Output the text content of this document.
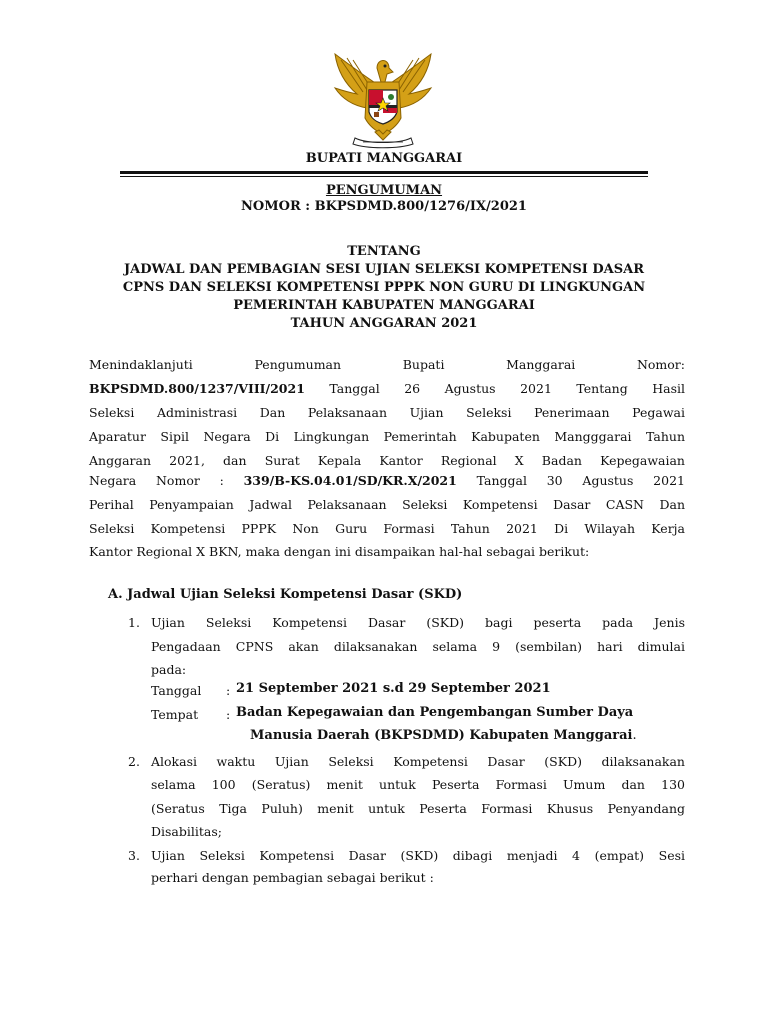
BUPATI MANGGARAI
PENGUMUMAN
NOMOR : BKPSDMD.800/1276/IX/2021
TENTANG
JADWAL DAN PEMBAGIAN SESI UJIAN SELEKSI KOMPETENSI DASAR
CPNS DAN SELEKSI KOMPETENSI PPPK NON GURU DI LINGKUNGAN
PEMERINTAH KABUPATEN MANGGARAI
TAHUN ANGGARAN 2021
Menindaklanjuti Pengumuman Bupati Manggarai Nomor:
BKPSDMD.800/1237/VIII/2021 Tanggal 26 Agustus 2021 Tentang Hasil
Seleksi Administrasi Dan Pelaksanaan Ujian Seleksi Penerimaan Pegawai
Aparatur Sipil Negara Di Lingkungan Pemerintah Kabupaten Mangggarai Tahun
Anggaran 2021, dan Surat Kepala Kantor Regional X Badan Kepegawaian
Negara Nomor : 339/B-KS.04.01/SD/KR.X/2021 Tanggal 30 Agustus 2021
Perihal Penyampaian Jadwal Pelaksanaan Seleksi Kompetensi Dasar CASN Dan
Seleksi Kompetensi PPPK Non Guru Formasi Tahun 2021 Di Wilayah Kerja
Kantor Regional X BKN, maka dengan ini disampaikan hal-hal sebagai berikut:
A. Jadwal Ujian Seleksi Kompetensi Dasar (SKD)
1. Ujian Seleksi Kompetensi Dasar (SKD) bagi peserta pada Jenis
Pengadaan CPNS akan dilaksanakan selama 9 (sembilan) hari dimulai
pada:
Tanggal : 21 September 2021 s.d 29 September 2021
Tempat : Badan Kepegawaian dan Pengembangan Sumber Daya
Manusia Daerah (BKPSDMD) Kabupaten Manggarai.
2. Alokasi waktu Ujian Seleksi Kompetensi Dasar (SKD) dilaksanakan
selama 100 (Seratus) menit untuk Peserta Formasi Umum dan 130
(Seratus Tiga Puluh) menit untuk Peserta Formasi Khusus Penyandang
Disabilitas;
3. Ujian Seleksi Kompetensi Dasar (SKD) dibagi menjadi 4 (empat) Sesi
perhari dengan pembagian sebagai berikut :
